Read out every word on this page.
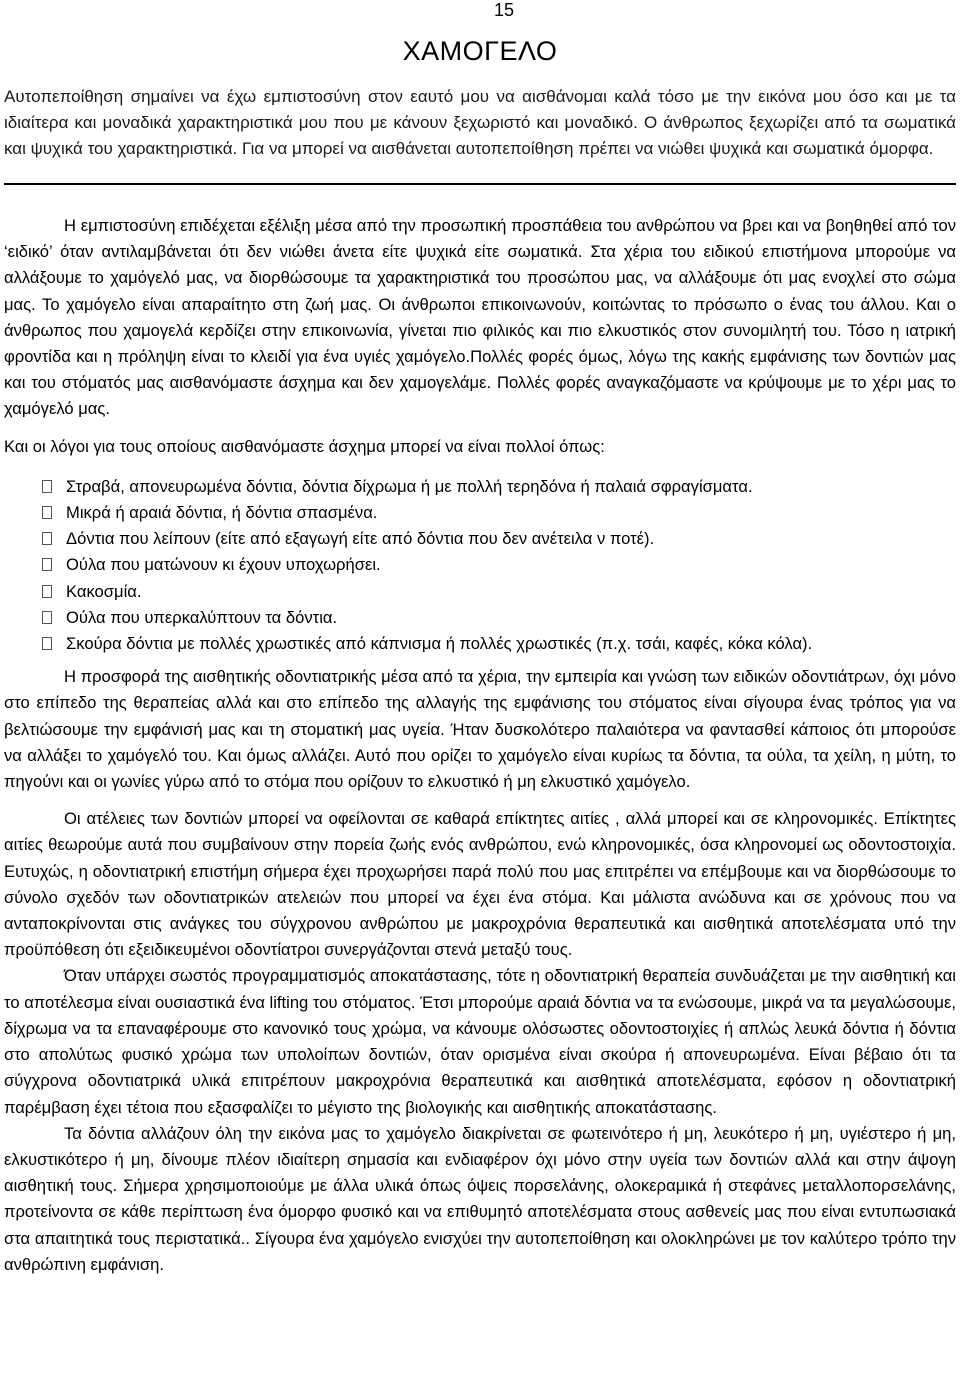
15
ΧΑΜΟΓΕΛΟ
Αυτοπεποίθηση σημαίνει να έχω εμπιστοσύνη στον εαυτό μου να αισθάνομαι καλά τόσο με την εικόνα μου όσο και με τα ιδιαίτερα και μοναδικά χαρακτηριστικά μου που με κάνουν ξεχωριστό και μοναδικό. Ο άνθρωπος ξεχωρίζει από τα σωματικά και ψυχικά του χαρακτηριστικά. Για να μπορεί να αισθάνεται αυτοπεποίθηση πρέπει να νιώθει ψυχικά και σωματικά όμορφα.

Η εμπιστοσύνη επιδέχεται εξέλιξη μέσα από την προσωπική προσπάθεια του ανθρώπου να βρει και να βοηθηθεί από τον ‘ειδικό’ όταν αντιλαμβάνεται ότι δεν νιώθει άνετα είτε ψυχικά είτε σωματικά. Στα χέρια του ειδικού επιστήμονα μπορούμε να αλλάξουμε το χαμόγελό μας, να διορθώσουμε τα χαρακτηριστικά του προσώπου μας, να αλλάξουμε ότι μας ενοχλεί στο σώμα μας. Το χαμόγελο είναι απαραίτητο στη ζωή μας. Οι άνθρωποι επικοινωνούν, κοιτώντας το πρόσωπο ο ένας του άλλου. Και ο άνθρωπος που χαμογελά κερδίζει στην επικοινωνία, γίνεται πιο φιλικός και πιο ελκυστικός στον συνομιλητή του. Τόσο η ιατρική φροντίδα και η πρόληψη είναι το κλειδί για ένα υγιές χαμόγελο.Πολλές φορές όμως, λόγω της κακής εμφάνισης των δοντιών μας και του στόματός μας αισθανόμαστε άσχημα και δεν χαμογελάμε. Πολλές φορές αναγκαζόμαστε να κρύψουμε με το χέρι μας το χαμόγελό μας.

Και οι λόγοι για τους οποίους αισθανόμαστε άσχημα μπορεί να είναι πολλοί όπως:

Στραβά, απονευρωμένα δόντια, δόντια δίχρωμα ή με πολλή τερηδόνα ή παλαιά σφραγίσματα.
Μικρά ή αραιά δόντια, ή δόντια σπασμένα.
Δόντια που λείπουν (είτε από εξαγωγή είτε από δόντια που δεν ανέτειλα ν ποτέ).
Ούλα που ματώνουν κι έχουν υποχωρήσει.
Κακοσμία.
Ούλα που υπερκαλύπτουν τα δόντια.
Σκούρα δόντια με πολλές χρωστικές από κάπνισμα ή πολλές χρωστικές (π.χ. τσάι, καφές, κόκα κόλα).

Η προσφορά της αισθητικής οδοντιατρικής μέσα από τα χέρια, την εμπειρία και γνώση των ειδικών οδοντιάτρων, όχι μόνο στο επίπεδο της θεραπείας αλλά και στο επίπεδο της αλλαγής της εμφάνισης του στόματος είναι σίγουρα ένας τρόπος για να βελτιώσουμε την εμφάνισή μας και τη στοματική μας υγεία. Ήταν δυσκολότερο παλαιότερα να φαντασθεί κάποιος ότι μπορούσε να αλλάξει το χαμόγελό του. Και όμως αλλάζει. Αυτό που ορίζει το χαμόγελο είναι κυρίως τα δόντια, τα ούλα, τα χείλη, η μύτη, το πηγούνι και οι γωνίες γύρω από το στόμα που ορίζουν το ελκυστικό ή μη ελκυστικό χαμόγελο.

Οι ατέλειες των δοντιών μπορεί να οφείλονται σε καθαρά επίκτητες αιτίες , αλλά μπορεί και σε κληρονομικές. Επίκτητες αιτίες θεωρούμε αυτά που συμβαίνουν στην πορεία ζωής ενός ανθρώπου, ενώ κληρονομικές, όσα κληρονομεί ως οδοντοστοιχία. Ευτυχώς, η οδοντιατρική επιστήμη σήμερα έχει προχωρήσει παρά πολύ που μας επιτρέπει να επέμβουμε και να διορθώσουμε το σύνολο σχεδόν των οδοντιατρικών ατελειών που μπορεί να έχει ένα στόμα. Και μάλιστα ανώδυνα και σε χρόνους που να ανταποκρίνονται στις ανάγκες του σύγχρονου ανθρώπου με μακροχρόνια θεραπευτικά και αισθητικά αποτελέσματα υπό την προϋπόθεση ότι εξειδικευμένοι οδοντίατροι συνεργάζονται στενά μεταξύ τους.

Όταν υπάρχει σωστός προγραμματισμός αποκατάστασης, τότε η οδοντιατρική θεραπεία συνδυάζεται με την αισθητική και το αποτέλεσμα είναι ουσιαστικά ένα lifting του στόματος. Έτσι μπορούμε αραιά δόντια να τα ενώσουμε, μικρά να τα μεγαλώσουμε, δίχρωμα να τα επαναφέρουμε στο κανονικό τους χρώμα, να κάνουμε ολόσωστες οδοντοστοιχίες ή απλώς λευκά δόντια ή δόντια στο απολύτως φυσικό χρώμα των υπολοίπων δοντιών, όταν ορισμένα είναι σκούρα ή απονευρωμένα. Είναι βέβαιο ότι τα σύγχρονα οδοντιατρικά υλικά επιτρέπουν μακροχρόνια θεραπευτικά και αισθητικά αποτελέσματα, εφόσον η οδοντιατρική παρέμβαση έχει τέτοια που εξασφαλίζει το μέγιστο της βιολογικής και αισθητικής αποκατάστασης.

Τα δόντια αλλάζουν όλη την εικόνα μας το χαμόγελο διακρίνεται σε φωτεινότερο ή μη, λευκότερο ή μη, υγιέστερο ή μη, ελκυστικότερο ή μη, δίνουμε πλέον ιδιαίτερη σημασία και ενδιαφέρον όχι μόνο στην υγεία των δοντιών αλλά και στην άψογη αισθητική τους. Σήμερα χρησιμοποιούμε με άλλα υλικά όπως όψεις πορσελάνης, ολοκεραμικά ή στεφάνες μεταλλοπορσελάνης, προτείνοντα σε κάθε περίπτωση ένα όμορφο φυσικό και να επιθυμητό αποτελέσματα στους ασθενείς μας που είναι εντυπωσιακά στα απαιτητικά τους περιστατικά.. Σίγουρα ένα χαμόγελο ενισχύει την αυτοπεποίθηση και ολοκληρώνει με τον καλύτερο τρόπο την ανθρώπινη εμφάνιση.
